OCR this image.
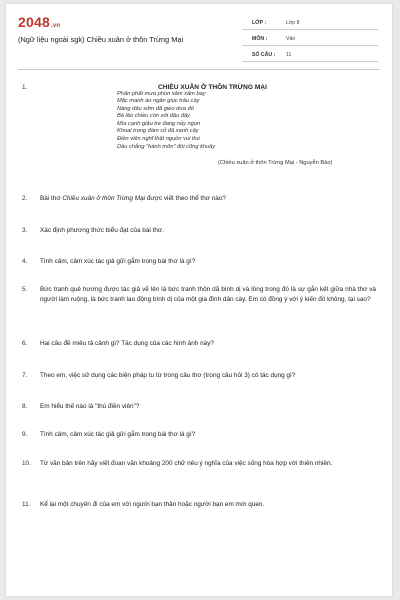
2048.vn
(Ngữ liệu ngoài sgk) Chiều xuân ở thôn Trừng Mại
LỚP :	Lớp 8
MÔN :	Văn
SỐ CÂU : 11
1.	CHIỀU XUÂN Ở THÔN TRỪNG MẠI
Phấn phất mưa phùn xâm xẩm bay
Mặc manh áo ngắn giục trâu cày
Nàng dâu sớm đã gieo dưa đó
Bà lão chiều còn xới đậu đây
Mía cạnh giậu tre đang nảy ngọn
Khoai trong đám cỏ đã xanh cây
Điền viên nghĩ thật nguồn vui thú
Dầu chẳng "hành môn" đói cũng khuây
(Chiều xuân ở thôn Trừng Mại - Nguyễn Bảo)
2. Bài thơ Chiều xuân ở thôn Trừng Mại được viết theo thể thơ nào?
3. Xác định phương thức biểu đạt của bài thơ.
4. Tình cảm, cảm xúc tác giả gửi gắm trong bài thơ là gì?
5. Bức tranh quê hương được tác giả vẽ lên là bức tranh thôn dã bình dị và lồng trong đó là sự gắn kết giữa nhà thơ và người làm ruộng, là bức tranh lao động bình dị của một gia đình dân cày. Em có đồng ý với ý kiến đó không, tại sao?
6. Hai câu đề miêu tả cảnh gì? Tác dụng của các hình ảnh này?
7. Theo em, việc sử dụng các biện pháp tu từ trong câu thơ (trong câu hỏi 3) có tác dụng gì?
8. Em hiểu thế nào là "thú điền viên"?
9. Tình cảm, cảm xúc tác giả gửi gắm trong bài thơ là gì?
10. Từ văn bản trên hãy viết đoạn văn khoảng 200 chữ nêu ý nghĩa của việc sống hòa hợp với thiên nhiên.
11. Kể lại một chuyến đi của em với người bạn thân hoặc người bạn em mới quen.
